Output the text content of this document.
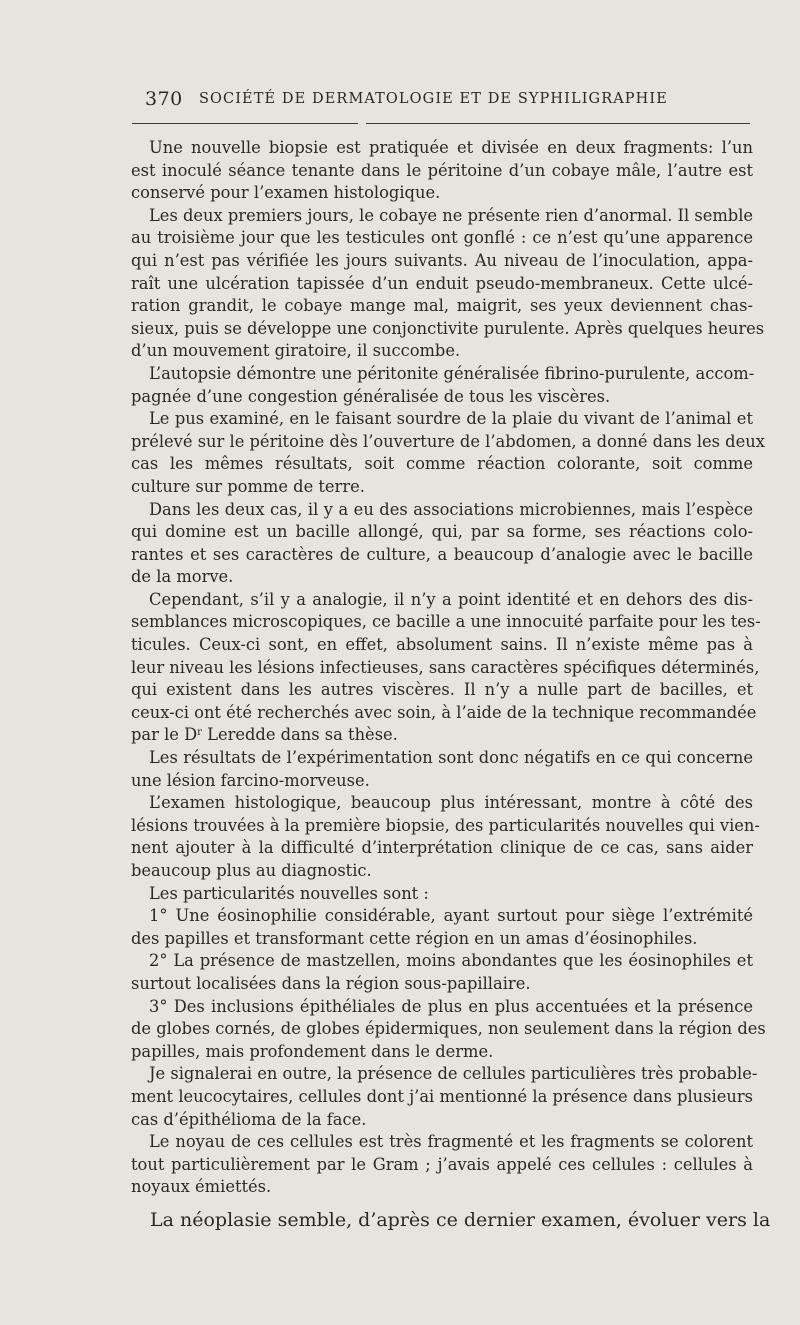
370 SOCIÉTÉ DE DERMATOLOGIE ET DE SYPHILIGRAPHIE
Une nouvelle biopsie est pratiquée et divisée en deux fragments: l’un
est inoculé séance tenante dans le péritoine d’un cobaye mâle, l’autre est
conservé pour l’examen histologique.
Les deux premiers jours, le cobaye ne présente rien d’anormal. Il semble
au troisième jour que les testicules ont gonflé : ce n’est qu’une apparence
qui n’est pas vérifiée les jours suivants. Au niveau de l’inoculation, appa-
raît une ulcération tapissée d’un enduit pseudo-membraneux. Cette ulcé-
ration grandit, le cobaye mange mal, maigrit, ses yeux deviennent chas-
sieux, puis se développe une conjonctivite purulente. Après quelques heures
d’un mouvement giratoire, il succombe.
L’autopsie démontre une péritonite généralisée fibrino-purulente, accom-
pagnée d’une congestion généralisée de tous les viscères.
Le pus examiné, en le faisant sourdre de la plaie du vivant de l’animal et
prélevé sur le péritoine dès l’ouverture de l’abdomen, a donné dans les deux
cas les mêmes résultats, soit comme réaction colorante, soit comme
culture sur pomme de terre.
Dans les deux cas, il y a eu des associations microbiennes, mais l’espèce
qui domine est un bacille allongé, qui, par sa forme, ses réactions colo-
rantes et ses caractères de culture, a beaucoup d’analogie avec le bacille
de la morve.
Cependant, s’il y a analogie, il n’y a point identité et en dehors des dis-
semblances microscopiques, ce bacille a une innocuité parfaite pour les tes-
ticules. Ceux-ci sont, en effet, absolument sains. Il n’existe même pas à
leur niveau les lésions infectieuses, sans caractères spécifiques déterminés,
qui existent dans les autres viscères. Il n’y a nulle part de bacilles, et
ceux-ci ont été recherchés avec soin, à l’aide de la technique recommandée
par le $D^r$ Leredde dans sa thèse.
Les résultats de l’expérimentation sont donc négatifs en ce qui concerne
une lésion farcino-morveuse.
L’examen histologique, beaucoup plus intéressant, montre à côté des
lésions trouvées à la première biopsie, des particularités nouvelles qui vien-
nent ajouter à la difficulté d’interprétation clinique de ce cas, sans aider
beaucoup plus au diagnostic.
Les particularités nouvelles sont :
1° Une éosinophilie considérable, ayant surtout pour siège l’extrémité
des papilles et transformant cette région en un amas d’éosinophiles.
2° La présence de mastzellen, moins abondantes que les éosinophiles et
surtout localisées dans la région sous-papillaire.
3° Des inclusions épithéliales de plus en plus accentuées et la présence
de globes cornés, de globes épidermiques, non seulement dans la région des
papilles, mais profondement dans le derme.
Je signalerai en outre, la présence de cellules particulières très probable-
ment leucocytaires, cellules dont j’ai mentionné la présence dans plusieurs
cas d’épithélioma de la face.
Le noyau de ces cellules est très fragmenté et les fragments se colorent
tout particulièrement par le Gram ; j’avais appelé ces cellules : cellules à
noyaux émiettés.
La néoplasie semble, d’après ce dernier examen, évoluer vers la
